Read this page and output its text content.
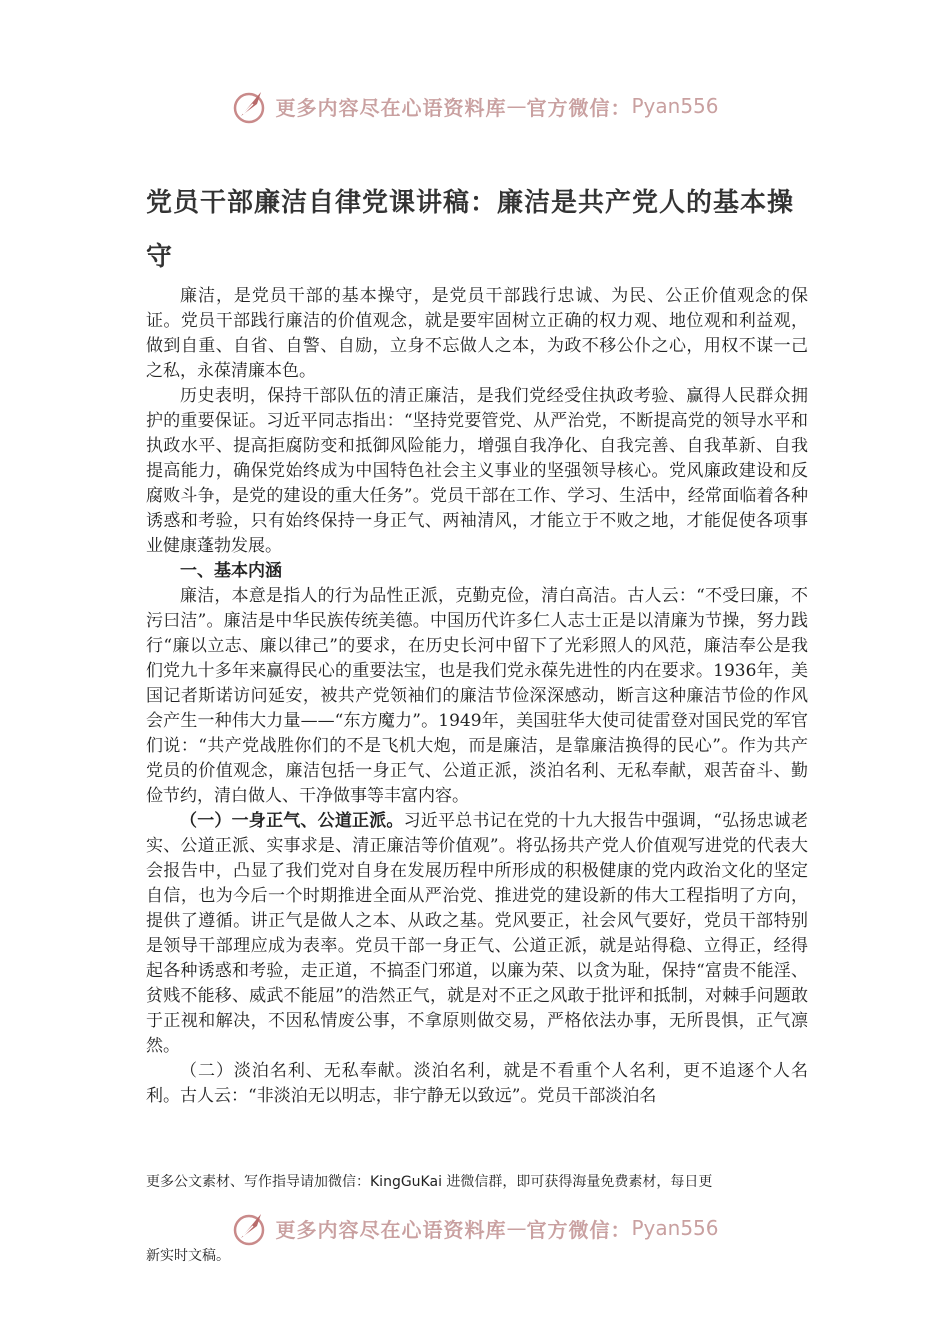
更多内容尽在心语资料库 — 官方微信： Pyan556
党员干部廉洁自律党课讲稿：廉洁是共产党人的基本操守

廉洁，是党员干部的基本操守，是党员干部践行忠诚、为民、公正价值观念的保证。党员干部践行廉洁的价值观念，就是要牢固树立正确的权力观、地位观和利益观，做到自重、自省、自警、自励，立身不忘做人之本，为政不移公仆之心，用权不谋一己之私，永葆清廉本色。

历史表明，保持干部队伍的清正廉洁，是我们党经受住执政考验、赢得人民群众拥护的重要保证。习近平同志指出：“坚持党要管党、从严治党，不断提高党的领导水平和执政水平、提高拒腐防变和抵御风险能力，增强自我净化、自我完善、自我革新、自我提高能力，确保党始终成为中国特色社会主义事业的坚强领导核心。党风廉政建设和反腐败斗争，是党的建设的重大任务”。党员干部在工作、学习、生活中，经常面临着各种诱惑和考验，只有始终保持一身正气、两袖清风，才能立于不败之地，才能促使各项事业健康蓬勃发展。

一、基本内涵

廉洁，本意是指人的行为品性正派，克勤克俭，清白高洁。古人云：“不受曰廉，不污曰洁”。廉洁是中华民族传统美德。中国历代许多仁人志士正是以清廉为节操，努力践行“廉以立志、廉以律己”的要求，在历史长河中留下了光彩照人的风范，廉洁奉公是我们党九十多年来赢得民心的重要法宝，也是我们党永葆先进性的内在要求。1936年，美国记者斯诺访问延安，被共产党领袖们的廉洁节俭深深感动，断言这种廉洁节俭的作风会产生一种伟大力量——“东方魔力”。1949年，美国驻华大使司徒雷登对国民党的军官们说：“共产党战胜你们的不是飞机大炮，而是廉洁，是靠廉洁换得的民心”。作为共产党员的价值观念，廉洁包括一身正气、公道正派，淡泊名利、无私奉献，艰苦奋斗、勤俭节约，清白做人、干净做事等丰富内容。

（一）一身正气、公道正派。习近平总书记在党的十九大报告中强调，“弘扬忠诚老实、公道正派、实事求是、清正廉洁等价值观”。将弘扬共产党人价值观写进党的代表大会报告中，凸显了我们党对自身在发展历程中所形成的积极健康的党内政治文化的坚定自信，也为今后一个时期推进全面从严治党、推进党的建设新的伟大工程指明了方向，提供了遵循。讲正气是做人之本、从政之基。党风要正，社会风气要好，党员干部特别是领导干部理应成为表率。党员干部一身正气、公道正派，就是站得稳、立得正，经得起各种诱惑和考验，走正道，不搞歪门邪道，以廉为荣、以贪为耻，保持“富贵不能淫、贫贱不能移、威武不能屈”的浩然正气，就是对不正之风敢于批评和抵制，对棘手问题敢于正视和解决，不因私情废公事，不拿原则做交易，严格依法办事，无所畏惧，正气凛然。

（二）淡泊名利、无私奉献。淡泊名利，就是不看重个人名利，更不追逐个人名利。古人云：“非淡泊无以明志，非宁静无以致远”。党员干部淡泊名

更多公文素材、写作指导请加微信：KingGuKai 进微信群，即可获得海量免费素材，每日更
更多内容尽在心语资料库 — 官方微信： Pyan556
新实时文稿。
